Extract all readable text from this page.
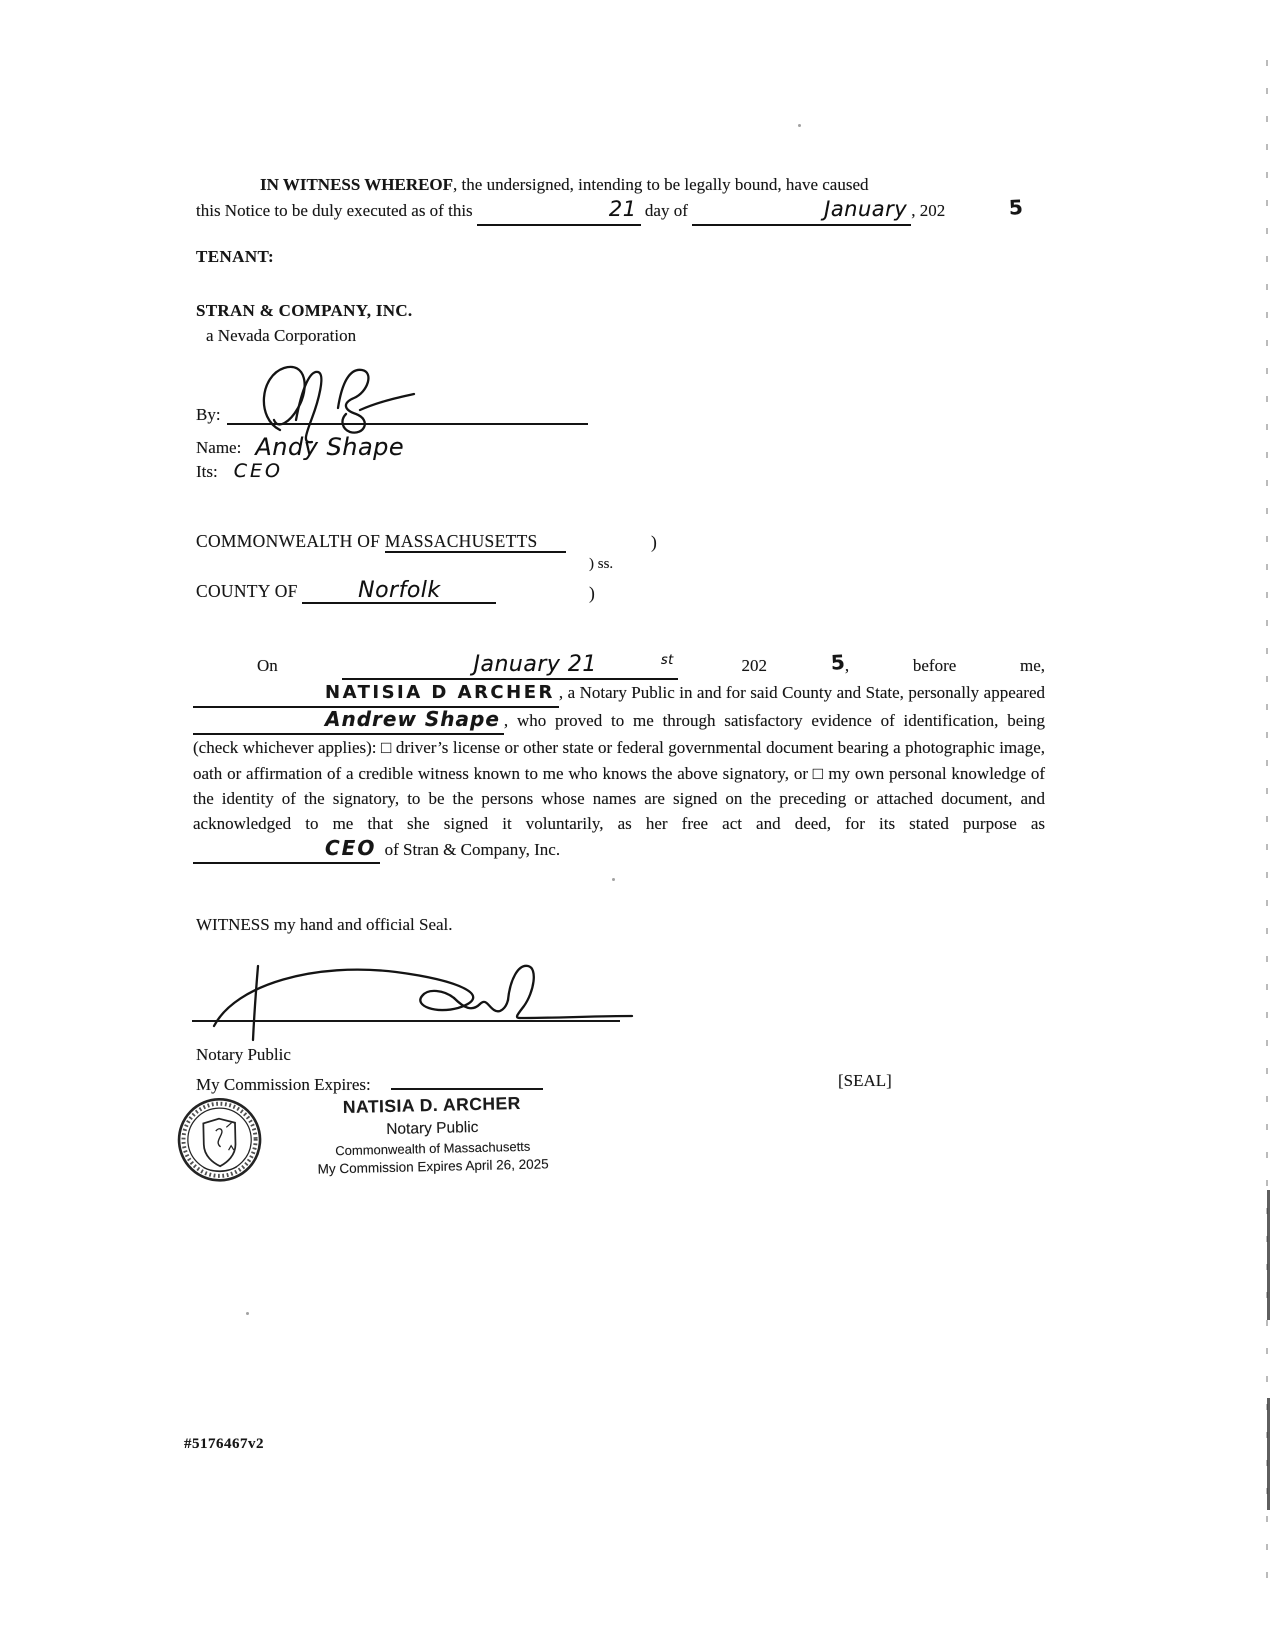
IN WITNESS WHEREOF, the undersigned, intending to be legally bound, have caused
this Notice to be duly executed as of this	21 day of	January , 202	5
TENANT:
STRAN & COMPANY, INC.
a Nevada Corporation
By:
Name: Andy Shape
Its: CEO
COMMONWEALTH OF MASSACHUSETTS	)
) ss.
COUNTY OF	Norfolk	)
On	January 21	st	202	5, before me, NATISIA D ARCHER , a Notary Public in and for said County and State, personally appearedAndrew Shape , who proved to me through satisfactory evidence of identification, being (check whichever applies): □ driver’s license or other state or federal governmental document bearing a photographic image, oath or affirmation of a credible witness known to me who knows the above signatory, or □ my own personal knowledge of the identity of the signatory, to be the persons whose names are signed on the preceding or attached document, and acknowledged to me that she signed it voluntarily, as her free act and deed, for its stated purpose as CEO of Stran & Company, Inc.
WITNESS my hand and official Seal.
Notary Public
My Commission Expires:	[SEAL]
NATISIA D. ARCHER
Notary Public
Commonwealth of Massachusetts
My Commission Expires April 26, 2025
#5176467v2
